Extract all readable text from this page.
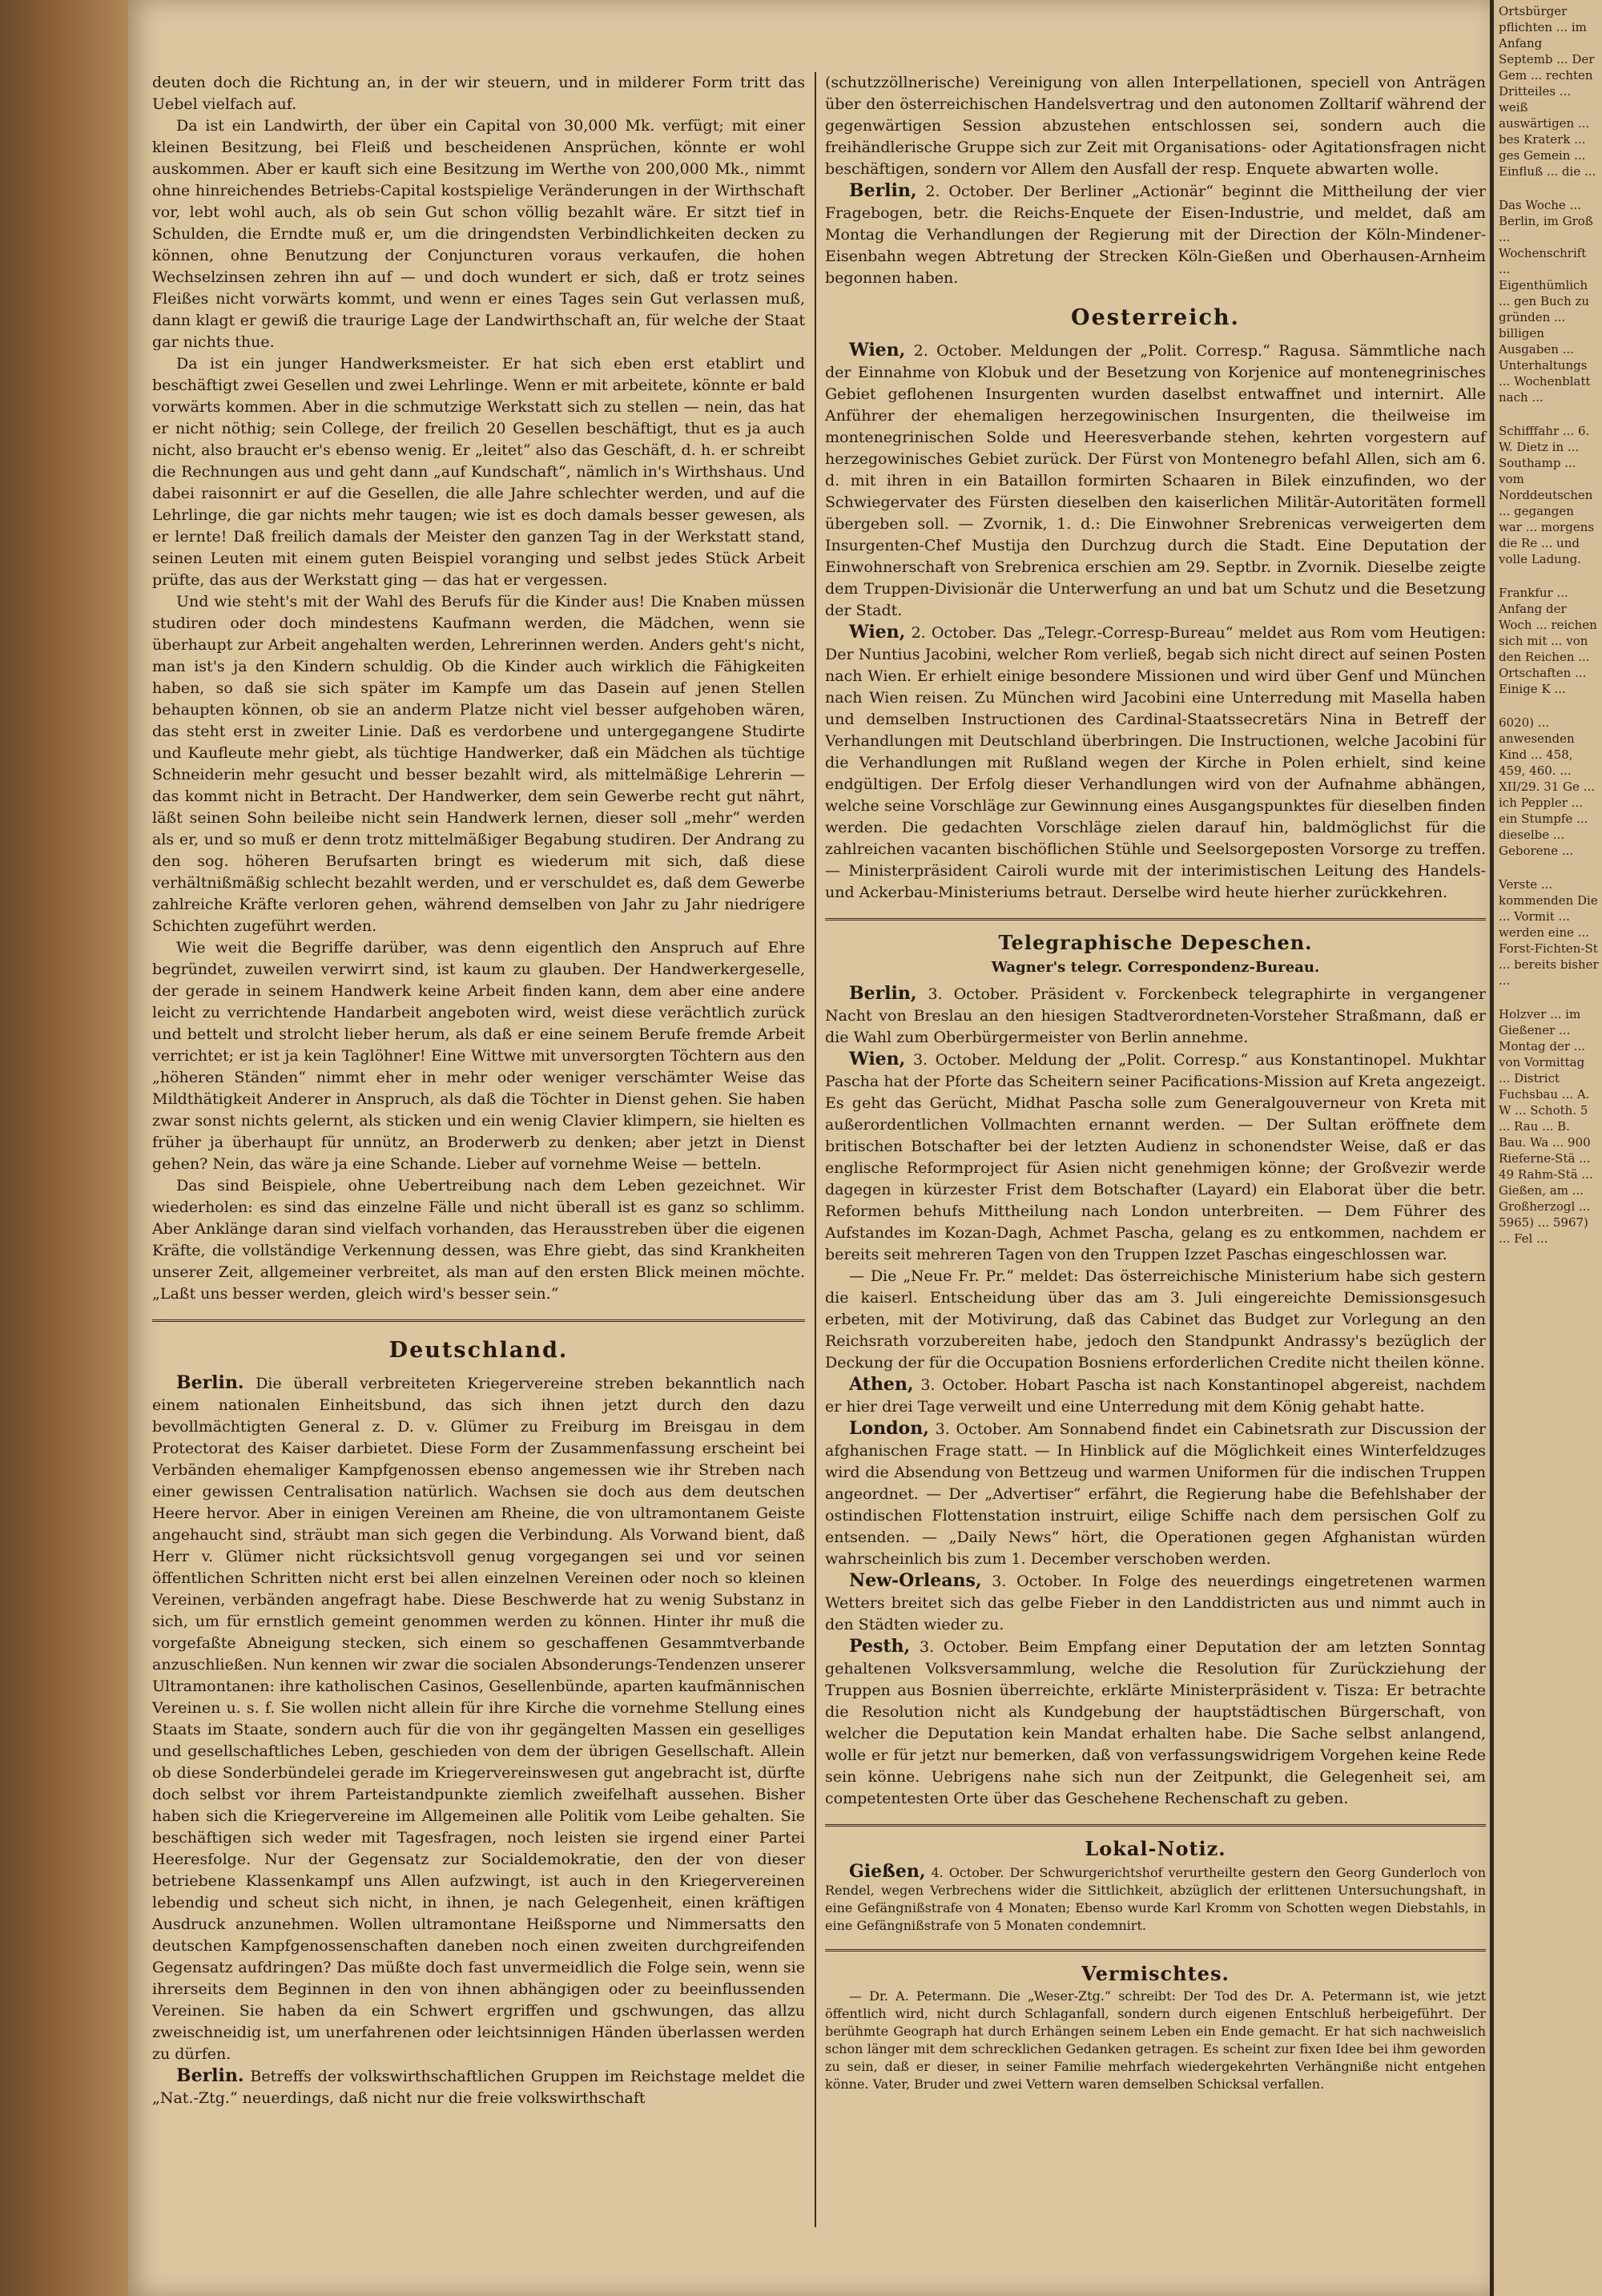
deuten doch die Richtung an, in der wir steuern, und in milderer Form tritt das Uebel vielfach auf.

Da ist ein Landwirth, der über ein Capital von 30,000 Mk. verfügt; mit einer kleinen Besitzung, bei Fleiß und bescheidenen Ansprüchen, könnte er wohl auskommen. Aber er kauft sich eine Besitzung im Werthe von 200,000 Mk., nimmt ohne hinreichendes Betriebs-Capital kostspielige Veränderungen in der Wirthschaft vor, lebt wohl auch, als ob sein Gut schon völlig bezahlt wäre. Er sitzt tief in Schulden, die Erndte muß er, um die dringendsten Verbindlichkeiten decken zu können, ohne Benutzung der Conjuncturen voraus verkaufen, die hohen Wechselzinsen zehren ihn auf — und doch wundert er sich, daß er trotz seines Fleißes nicht vorwärts kommt, und wenn er eines Tages sein Gut verlassen muß, dann klagt er gewiß die traurige Lage der Landwirthschaft an, für welche der Staat gar nichts thue.

Da ist ein junger Handwerksmeister. Er hat sich eben erst etablirt und beschäftigt zwei Gesellen und zwei Lehrlinge. Wenn er mit arbeitete, könnte er bald vorwärts kommen. Aber in die schmutzige Werkstatt sich zu stellen — nein, das hat er nicht nöthig; sein College, der freilich 20 Gesellen beschäftigt, thut es ja auch nicht, also braucht er's ebenso wenig. Er „leitet“ also das Geschäft, d. h. er schreibt die Rechnungen aus und geht dann „auf Kundschaft“, nämlich in's Wirthshaus. Und dabei raisonnirt er auf die Gesellen, die alle Jahre schlechter werden, und auf die Lehrlinge, die gar nichts mehr taugen; wie ist es doch damals besser gewesen, als er lernte! Daß freilich damals der Meister den ganzen Tag in der Werkstatt stand, seinen Leuten mit einem guten Beispiel voranging und selbst jedes Stück Arbeit prüfte, das aus der Werkstatt ging — das hat er vergessen.

Und wie steht's mit der Wahl des Berufs für die Kinder aus! Die Knaben müssen studiren oder doch mindestens Kaufmann werden, die Mädchen, wenn sie überhaupt zur Arbeit angehalten werden, Lehrerinnen werden. Anders geht's nicht, man ist's ja den Kindern schuldig. Ob die Kinder auch wirklich die Fähigkeiten haben, so daß sie sich später im Kampfe um das Dasein auf jenen Stellen behaupten können, ob sie an anderm Platze nicht viel besser aufgehoben wären, das steht erst in zweiter Linie. Daß es verdorbene und untergegangene Studirte und Kaufleute mehr giebt, als tüchtige Handwerker, daß ein Mädchen als tüchtige Schneiderin mehr gesucht und besser bezahlt wird, als mittelmäßige Lehrerin — das kommt nicht in Betracht. Der Handwerker, dem sein Gewerbe recht gut nährt, läßt seinen Sohn beileibe nicht sein Handwerk lernen, dieser soll „mehr“ werden als er, und so muß er denn trotz mittelmäßiger Begabung studiren. Der Andrang zu den sog. höheren Berufsarten bringt es wiederum mit sich, daß diese verhältnißmäßig schlecht bezahlt werden, und er verschuldet es, daß dem Gewerbe zahlreiche Kräfte verloren gehen, während demselben von Jahr zu Jahr niedrigere Schichten zugeführt werden.

Wie weit die Begriffe darüber, was denn eigentlich den Anspruch auf Ehre begründet, zuweilen verwirrt sind, ist kaum zu glauben. Der Handwerkergeselle, der gerade in seinem Handwerk keine Arbeit finden kann, dem aber eine andere leicht zu verrichtende Handarbeit angeboten wird, weist diese verächtlich zurück und bettelt und strolcht lieber herum, als daß er eine seinem Berufe fremde Arbeit verrichtet; er ist ja kein Taglöhner! Eine Wittwe mit unversorgten Töchtern aus den „höheren Ständen“ nimmt eher in mehr oder weniger verschämter Weise das Mildthätigkeit Anderer in Anspruch, als daß die Töchter in Dienst gehen. Sie haben zwar sonst nichts gelernt, als sticken und ein wenig Clavier klimpern, sie hielten es früher ja überhaupt für unnütz, an Broderwerb zu denken; aber jetzt in Dienst gehen? Nein, das wäre ja eine Schande. Lieber auf vornehme Weise — betteln.

Das sind Beispiele, ohne Uebertreibung nach dem Leben gezeichnet. Wir wiederholen: es sind das einzelne Fälle und nicht überall ist es ganz so schlimm. Aber Anklänge daran sind vielfach vorhanden, das Herausstreben über die eigenen Kräfte, die vollständige Verkennung dessen, was Ehre giebt, das sind Krankheiten unserer Zeit, allgemeiner verbreitet, als man auf den ersten Blick meinen möchte. „Laßt uns besser werden, gleich wird's besser sein.“

Deutschland.

Berlin. Die überall verbreiteten Kriegervereine streben bekanntlich nach einem nationalen Einheitsbund, das sich ihnen jetzt durch den dazu bevollmächtigten General z. D. v. Glümer zu Freiburg im Breisgau in dem Protectorat des Kaiser darbietet. Diese Form der Zusammenfassung erscheint bei Verbänden ehemaliger Kampfgenossen ebenso angemessen wie ihr Streben nach einer gewissen Centralisation natürlich. Wachsen sie doch aus dem deutschen Heere hervor. Aber in einigen Vereinen am Rheine, die von ultramontanem Geiste angehaucht sind, sträubt man sich gegen die Verbindung. Als Vorwand bient, daß Herr v. Glümer nicht rücksichtsvoll genug vorgegangen sei und vor seinen öffentlichen Schritten nicht erst bei allen einzelnen Vereinen oder noch so kleinen Vereinen, verbänden angefragt habe. Diese Beschwerde hat zu wenig Substanz in sich, um für ernstlich gemeint genommen werden zu können. Hinter ihr muß die vorgefaßte Abneigung stecken, sich einem so geschaffenen Gesammtverbande anzuschließen. Nun kennen wir zwar die socialen Absonderungs-Tendenzen unserer Ultramontanen: ihre katholischen Casinos, Gesellenbünde, aparten kaufmännischen Vereinen u. s. f. Sie wollen nicht allein für ihre Kirche die vornehme Stellung eines Staats im Staate, sondern auch für die von ihr gegängelten Massen ein geselliges und gesellschaftliches Leben, geschieden von dem der übrigen Gesellschaft. Allein ob diese Sonderbündelei gerade im Kriegervereinswesen gut angebracht ist, dürfte doch selbst vor ihrem Parteistandpunkte ziemlich zweifelhaft aussehen. Bisher haben sich die Kriegervereine im Allgemeinen alle Politik vom Leibe gehalten. Sie beschäftigen sich weder mit Tagesfragen, noch leisten sie irgend einer Partei Heeresfolge. Nur der Gegensatz zur Socialdemokratie, den der von dieser betriebene Klassenkampf uns Allen aufzwingt, ist auch in den Kriegervereinen lebendig und scheut sich nicht, in ihnen, je nach Gelegenheit, einen kräftigen Ausdruck anzunehmen. Wollen ultramontane Heißsporne und Nimmersatts den deutschen Kampfgenossenschaften daneben noch einen zweiten durchgreifenden Gegensatz aufdringen? Das müßte doch fast unvermeidlich die Folge sein, wenn sie ihrerseits dem Beginnen in den von ihnen abhängigen oder zu beeinflussenden Vereinen. Sie haben da ein Schwert ergriffen und gschwungen, das allzu zweischneidig ist, um unerfahrenen oder leichtsinnigen Händen überlassen werden zu dürfen.

Berlin. Betreffs der volkswirthschaftlichen Gruppen im Reichstage meldet die „Nat.-Ztg.“ neuerdings, daß nicht nur die freie volkswirthschaft

(schutzzöllnerische) Vereinigung von allen Interpellationen, speciell von Anträgen über den österreichischen Handelsvertrag und den autonomen Zolltarif während der gegenwärtigen Session abzustehen entschlossen sei, sondern auch die freihändlerische Gruppe sich zur Zeit mit Organisations- oder Agitationsfragen nicht beschäftigen, sondern vor Allem den Ausfall der resp. Enquete abwarten wolle.

Berlin, 2. October. Der Berliner „Actionär“ beginnt die Mittheilung der vier Fragebogen, betr. die Reichs-Enquete der Eisen-Industrie, und meldet, daß am Montag die Verhandlungen der Regierung mit der Direction der Köln-Mindener-Eisenbahn wegen Abtretung der Strecken Köln-Gießen und Oberhausen-Arnheim begonnen haben.

Oesterreich.

Wien, 2. October. Meldungen der „Polit. Corresp.“ Ragusa. Sämmtliche nach der Einnahme von Klobuk und der Besetzung von Korjenice auf montenegrinisches Gebiet geflohenen Insurgenten wurden daselbst entwaffnet und internirt. Alle Anführer der ehemaligen herzegowinischen Insurgenten, die theilweise im montenegrinischen Solde und Heeresverbande stehen, kehrten vorgestern auf herzegowinisches Gebiet zurück. Der Fürst von Montenegro befahl Allen, sich am 6. d. mit ihren in ein Bataillon formirten Schaaren in Bilek einzufinden, wo der Schwiegervater des Fürsten dieselben den kaiserlichen Militär-Autoritäten formell übergeben soll. — Zvornik, 1. d.: Die Einwohner Srebrenicas verweigerten dem Insurgenten-Chef Mustija den Durchzug durch die Stadt. Eine Deputation der Einwohnerschaft von Srebrenica erschien am 29. Septbr. in Zvornik. Dieselbe zeigte dem Truppen-Divisionär die Unterwerfung an und bat um Schutz und die Besetzung der Stadt.

Wien, 2. October. Das „Telegr.-Corresp-Bureau“ meldet aus Rom vom Heutigen: Der Nuntius Jacobini, welcher Rom verließ, begab sich nicht direct auf seinen Posten nach Wien. Er erhielt einige besondere Missionen und wird über Genf und München nach Wien reisen. Zu München wird Jacobini eine Unterredung mit Masella haben und demselben Instructionen des Cardinal-Staatssecretärs Nina in Betreff der Verhandlungen mit Deutschland überbringen. Die Instructionen, welche Jacobini für die Verhandlungen mit Rußland wegen der Kirche in Polen erhielt, sind keine endgültigen. Der Erfolg dieser Verhandlungen wird von der Aufnahme abhängen, welche seine Vorschläge zur Gewinnung eines Ausgangspunktes für dieselben finden werden. Die gedachten Vorschläge zielen darauf hin, baldmöglichst für die zahlreichen vacanten bischöflichen Stühle und Seelsorgeposten Vorsorge zu treffen. — Ministerpräsident Cairoli wurde mit der interimistischen Leitung des Handels- und Ackerbau-Ministeriums betraut. Derselbe wird heute hierher zurückkehren.

Telegraphische Depeschen.
Wagner's telegr. Correspondenz-Bureau.

Berlin, 3. October. Präsident v. Forckenbeck telegraphirte in vergangener Nacht von Breslau an den hiesigen Stadtverordneten-Vorsteher Straßmann, daß er die Wahl zum Oberbürgermeister von Berlin annehme.

Wien, 3. October. Meldung der „Polit. Corresp.“ aus Konstantinopel. Mukhtar Pascha hat der Pforte das Scheitern seiner Pacifications-Mission auf Kreta angezeigt. Es geht das Gerücht, Midhat Pascha solle zum Generalgouverneur von Kreta mit außerordentlichen Vollmachten ernannt werden. — Der Sultan eröffnete dem britischen Botschafter bei der letzten Audienz in schonendster Weise, daß er das englische Reformproject für Asien nicht genehmigen könne; der Großvezir werde dagegen in kürzester Frist dem Botschafter (Layard) ein Elaborat über die betr. Reformen behufs Mittheilung nach London unterbreiten. — Dem Führer des Aufstandes im Kozan-Dagh, Achmet Pascha, gelang es zu entkommen, nachdem er bereits seit mehreren Tagen von den Truppen Izzet Paschas eingeschlossen war.

— Die „Neue Fr. Pr.“ meldet: Das österreichische Ministerium habe sich gestern die kaiserl. Entscheidung über das am 3. Juli eingereichte Demissionsgesuch erbeten, mit der Motivirung, daß das Cabinet das Budget zur Vorlegung an den Reichsrath vorzubereiten habe, jedoch den Standpunkt Andrassy's bezüglich der Deckung der für die Occupation Bosniens erforderlichen Credite nicht theilen könne.

Athen, 3. October. Hobart Pascha ist nach Konstantinopel abgereist, nachdem er hier drei Tage verweilt und eine Unterredung mit dem König gehabt hatte.

London, 3. October. Am Sonnabend findet ein Cabinetsrath zur Discussion der afghanischen Frage statt. — In Hinblick auf die Möglichkeit eines Winterfeldzuges wird die Absendung von Bettzeug und warmen Uniformen für die indischen Truppen angeordnet. — Der „Advertiser“ erfährt, die Regierung habe die Befehlshaber der ostindischen Flottenstation instruirt, eilige Schiffe nach dem persischen Golf zu entsenden. — „Daily News“ hört, die Operationen gegen Afghanistan würden wahrscheinlich bis zum 1. December verschoben werden.

New-Orleans, 3. October. In Folge des neuerdings eingetretenen warmen Wetters breitet sich das gelbe Fieber in den Landdistricten aus und nimmt auch in den Städten wieder zu.

Pesth, 3. October. Beim Empfang einer Deputation der am letzten Sonntag gehaltenen Volksversammlung, welche die Resolution für Zurückziehung der Truppen aus Bosnien überreichte, erklärte Ministerpräsident v. Tisza: Er betrachte die Resolution nicht als Kundgebung der hauptstädtischen Bürgerschaft, von welcher die Deputation kein Mandat erhalten habe. Die Sache selbst anlangend, wolle er für jetzt nur bemerken, daß von verfassungswidrigem Vorgehen keine Rede sein könne. Uebrigens nahe sich nun der Zeitpunkt, die Gelegenheit sei, am competentesten Orte über das Geschehene Rechenschaft zu geben.

Lokal-Notiz.

Gießen, 4. October. Der Schwurgerichtshof verurtheilte gestern den Georg Gunderloch von Rendel, wegen Verbrechens wider die Sittlichkeit, abzüglich der erlittenen Untersuchungshaft, in eine Gefängnißstrafe von 4 Monaten; Ebenso wurde Karl Kromm von Schotten wegen Diebstahls, in eine Gefängnißstrafe von 5 Monaten condemnirt.

Vermischtes.

— Dr. A. Petermann. Die „Weser-Ztg.“ schreibt: Der Tod des Dr. A. Petermann ist, wie jetzt öffentlich wird, nicht durch Schlaganfall, sondern durch eigenen Entschluß herbeigeführt. Der berühmte Geograph hat durch Erhängen seinem Leben ein Ende gemacht. Er hat sich nachweislich schon länger mit dem schrecklichen Gedanken getragen. Es scheint zur fixen Idee bei ihm geworden zu sein, daß er dieser, in seiner Familie mehrfach wiedergekehrten Verhängniße nicht entgehen könne. Vater, Bruder und zwei Vettern waren demselben Schicksal verfallen.

Ortsbürger pflichten ... im Anfang Septemb ... Der Gem ... rechten Dritteiles ... weiß auswärtigen ... bes Kraterk ... ges Gemein ... Einfluß ... die ...
Das Woche ... Berlin, im Groß ... Wochenschrift ... Eigenthümlich ... gen Buch zu gründen ... billigen Ausgaben ... Unterhaltungs ... Wochenblatt nach ...
Schifffahr ... 6. W. Dietz in ... Southamp ... vom Norddeutschen ... gegangen war ... morgens die Re ... und volle Ladung.
Frankfur ... Anfang der Woch ... reichen sich mit ... von den Reichen ... Ortschaften ... Einige K ...
6020) ... anwesenden Kind ... 458, 459, 460. ... XII/29. 31 Ge ... ich Peppler ... ein Stumpfe ... dieselbe ... Geborene ...
Verste ... kommenden Die ... Vormit ... werden eine ... Forst-Fichten-St ... bereits bisher ...
Holzver ... im Gießener ... Montag der ... von Vormittag ... District Fuchsbau ... A. W ... Schoth. 5 ... Rau ... B. Bau. Wa ... 900 Rieferne-Stä ... 49 Rahm-Stä ... Gießen, am ... Großherzogl ... 5965) ... 5967) ... Fel ...
